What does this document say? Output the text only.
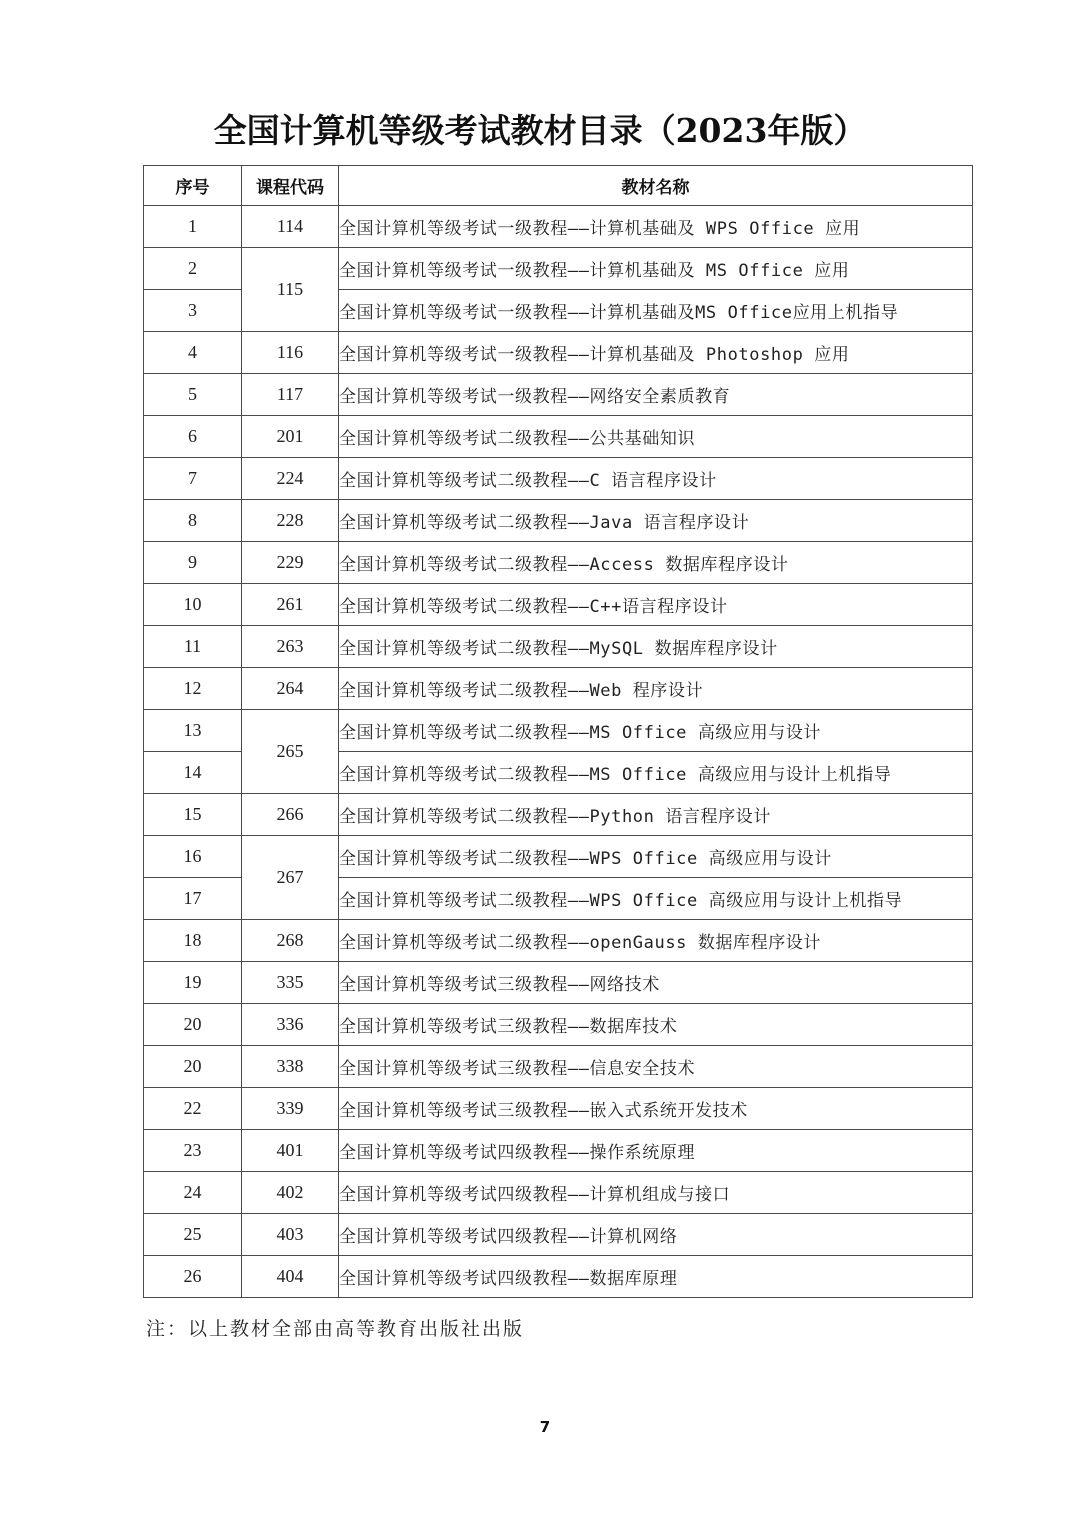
全国计算机等级考试教材目录（2023年版）
序号	课程代码	教材名称
1	114	全国计算机等级考试一级教程——计算机基础及 WPS Office 应用
2	115	全国计算机等级考试一级教程——计算机基础及 MS Office 应用
3		全国计算机等级考试一级教程——计算机基础及MS Office应用上机指导
4	116	全国计算机等级考试一级教程——计算机基础及 Photoshop 应用
5	117	全国计算机等级考试一级教程——网络安全素质教育
6	201	全国计算机等级考试二级教程——公共基础知识
7	224	全国计算机等级考试二级教程——C 语言程序设计
8	228	全国计算机等级考试二级教程——Java 语言程序设计
9	229	全国计算机等级考试二级教程——Access 数据库程序设计
10	261	全国计算机等级考试二级教程——C++语言程序设计
11	263	全国计算机等级考试二级教程——MySQL 数据库程序设计
12	264	全国计算机等级考试二级教程——Web 程序设计
13	265	全国计算机等级考试二级教程——MS Office 高级应用与设计
14		全国计算机等级考试二级教程——MS Office 高级应用与设计上机指导
15	266	全国计算机等级考试二级教程——Python 语言程序设计
16	267	全国计算机等级考试二级教程——WPS Office 高级应用与设计
17		全国计算机等级考试二级教程——WPS Office 高级应用与设计上机指导
18	268	全国计算机等级考试二级教程——openGauss 数据库程序设计
19	335	全国计算机等级考试三级教程——网络技术
20	336	全国计算机等级考试三级教程——数据库技术
20	338	全国计算机等级考试三级教程——信息安全技术
22	339	全国计算机等级考试三级教程——嵌入式系统开发技术
23	401	全国计算机等级考试四级教程——操作系统原理
24	402	全国计算机等级考试四级教程——计算机组成与接口
25	403	全国计算机等级考试四级教程——计算机网络
26	404	全国计算机等级考试四级教程——数据库原理
注：以上教材全部由高等教育出版社出版
7
